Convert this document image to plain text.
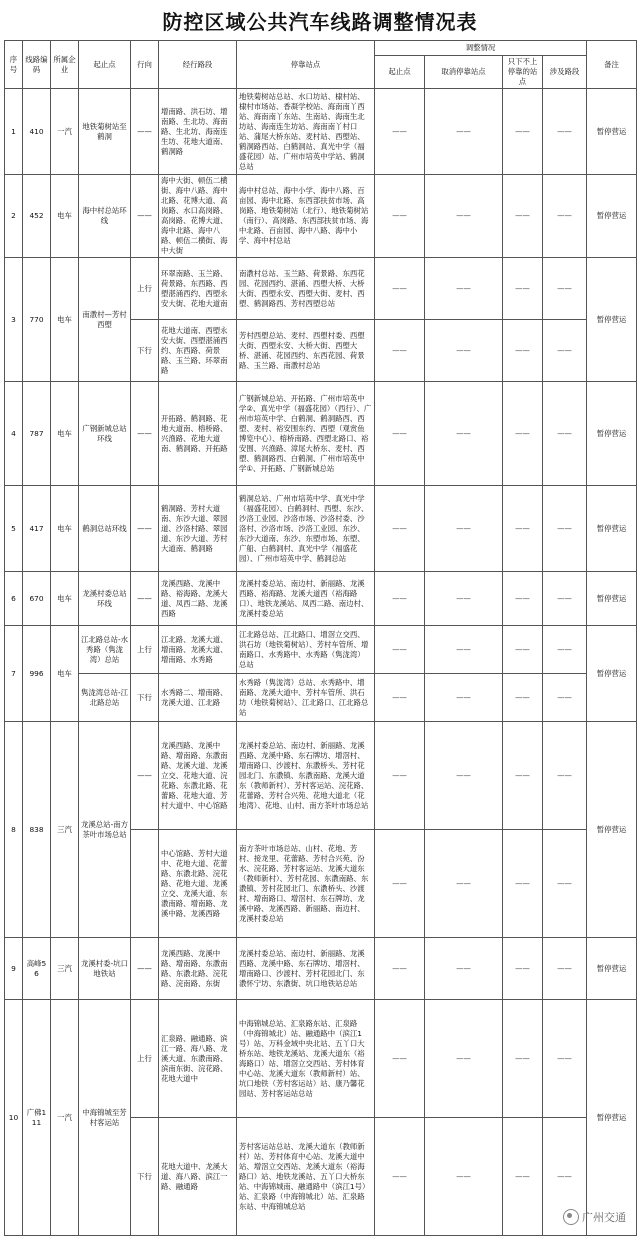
防控区域公共汽车线路调整情况表
序号	线路编码	所属企业	起止点	行向	经行路段	停靠站点	调整情况				备注
							起止点	取消停靠站点	只下不上停靠的站点	涉及路段	
1	410	一汽	地铁菊树站至鹤洞	——	增南路、洪石坊、增南路、生北坊、海南路、生北坊、海南连生坊、花地大道南、鹤洞路	地铁菊树站总站、水口坊站、棣村站、棣村市场站、香凝学校站、海南南丫西站、海南南丫东站、生南站、海南生北坊站、海南连生坊站、海南南丫村口站、蒲尾大桥东站、麦村站、西塱站、鹤洞路西站、白鹤洞站、真光中学（福盛花园）站、广州市培英中学站、鹤洞总站	——	——	——	——	暂停营运
2	452	电车	海中村总站环线	——	海中大街、顿伍二横街、海中八路、海中北路、花博大道、高岗路、水口高岗路、高岗路、花博大道、海中北路、海中八路、顿伍二横街、海中大街	海中村总站、海中小学、海中八路、百亩园、海中北路、东西部扶贫市场、高岗路、地铁菊树站（北行）、地铁菊树站（南行）、高岗路、东西部扶贫市场、海中北路、百亩园、海中八路、海中小学、海中村总站	——	——	——	——	暂停营运
3	770	电车	南漖村—芳村西塱	上行	环翠南路、玉兰路、荷景路、东西路、西塱湛涌西约、西塱永安大街、花地大道南	南漖村总站、玉兰路、荷景路、东西花园、花园西约、湛涌、西塱大桥、大桥大街、西塱永安、西塱大街、麦村、西塱、鹤洞路西、芳村西塱总站	——	——	——	——	暂停营运
				下行	花地大道南、西塱永安大街、西塱湛涌西约、东西路、荷景路、玉兰路、环翠南路	芳村西塱总站、麦村、西塱村委、西塱大街、西塱永安、大桥大街、西塱大桥、湛涌、花园西约、东西花园、荷景路、玉兰路、南漖村总站	——	——	——	——	
4	787	电车	广钢新城总站环线	——	开拓路、鹤洞路、花地大道南、榕桥路、兴渔路、花地大道南、鹤洞路、开拓路	广钢新城总站、开拓路、广州市培英中学②、真光中学（福盛花园）（西行）、广州市培英中学、白鹤洞、鹤洞路西、西塱、麦村、裕安围东约、西塱（观赏鱼博览中心）、榕桥南路、西塱北路口、裕安围、兴渔路、漳尾大桥东、麦村、西塱、鹤洞路西、白鹤洞、广州市培英中学①、开拓路、广钢新城总站	——	——	——	——	暂停营运
5	417	电车	鹤洞总站环线	——	鹤洞路、芳村大道南、东沙大道、翠园道、沙洛村路、翠园道、东沙大道、芳村大道南、鹤洞路	鹤洞总站、广州市培英中学、真光中学（福盛花园）、白鹤洞村、西塱、东沙、沙洛工业园、沙洛市场、沙洛村委、沙洛村、沙洛市场、沙洛工业园、东沙、东沙大道南、东沙、东塱市场、东塱、广船、白鹤洞村、真光中学（福盛花园）、广州市培英中学、鹤洞总站	——	——	——	——	暂停营运
6	670	电车	龙溪村委总站环线	——	龙溪西路、龙溪中路、裕海路、龙溪大道、凤西二路、龙溪西路	龙溪村委总站、南边村、新丽路、龙溪西路、裕海路、龙溪大道西（裕海路口）、地铁龙溪站、凤西二路、南边村、龙溪村委总站	——	——	——	——	暂停营运
7	996	电车	江北路总站-水秀路（隽泷湾）总站	上行	江北路、龙溪大道、增南路、龙溪大道、增南路、水秀路	江北路总站、江北路口、增滘立交西、洪石坊（地铁菊树站）、芳村车管所、增南路口、水秀路中、水秀路（隽泷湾）总站	——	——	——	——	暂停营运
			隽泷湾总站-江北路总站	下行	水秀路二、增南路、龙溪大道、江北路	水秀路（隽泷湾）总站、水秀路中、增南路、龙溪大道中、芳村车管所、洪石坊（地铁菊树站）、江北路口、江北路总站	——	——	——	——	
8	838	三汽	龙溪总站-南方茶叶市场总站	——	龙溪西路、龙溪中路、增南路、东漖南路、龙溪大道、龙溪立交、花地大道、浣花路、东漖北路、花蕾路、花地大道、芳村大道中、中心馆路	龙溪村委总站、南边村、新丽路、龙溪西路、龙溪中路、东石牌坊、增滘村、增南路口、沙渡村、东漖桥头、芳村花园北门、东漖镇、东漖南路、龙溪大道东（教师新村）、芳村客运站、浣花路、花蕾路、芳村合兴苑、花地大道北（花地湾）、花地、山村、南方茶叶市场总站	——	——	——	——	暂停营运
					中心馆路、芳村大道中、花地大道、花蕾路、东漖北路、浣花路、花地大道、龙溪立交、龙溪大道、东漖南路、增南路、龙溪中路、龙溪西路	南方茶叶市场总站、山村、花地、芳村、接龙里、花蕾路、芳村合兴苑、汾水、浣花路、芳村客运站、龙溪大道东（教师新村）、芳村花园、东漖南路、东漖镇、芳村花园北门、东漖桥头、沙渡村、增南路口、增滘村、东石牌坊、龙溪中路、龙溪西路、新丽路、南边村、龙溪村委总站	——	——	——	——	
9	高峰56	三汽	龙溪村委-坑口地铁站	——	龙溪西路、龙溪中路、增南路、东漖南路、东漖北路、浣花路、浣南路、东街	龙溪村委总站、南边村、新丽路、龙溪西路、龙溪中路、东石牌坊、增滘村、增南路口、沙渡村、芳村花园北门、东漖怀宁坊、东漖街、坑口地铁站总站	——	——	——	——	暂停营运
10	广佛111	一汽	中海锦城至芳村客运站	上行	汇泉路、融通路、滨江一路、海八路、龙溪大道、东漖南路、滨南东街、浣花路、花地大道中	中海锦城总站、汇泉路东站、汇泉路（中海锦城北）站、融通路中（滨江1号）站、万科金域中央北站、五丫口大桥东站、地铁龙溪站、龙溪大道东（裕海路口）站、增滘立交西站、芳村体育中心站、龙溪大道东（教师新村）站、坑口地铁（芳村客运站）站、康乃馨花园站、芳村客运站总站	——	——	——	——	暂停营运
				下行	花地大道中、龙溪大道、海八路、滨江一路、融通路	芳村客运站总站、龙溪大道东（教师新村）站、芳村体育中心站、龙溪大道中站、增滘立交西站、龙溪大道东（裕海路口）站、地铁龙溪站、五丫口大桥东站、中海锦城南、融通路中（滨江1号）站、汇泉路（中海锦城北）站、汇泉路东站、中海锦城总站	——	——	——	——	
广州交通
